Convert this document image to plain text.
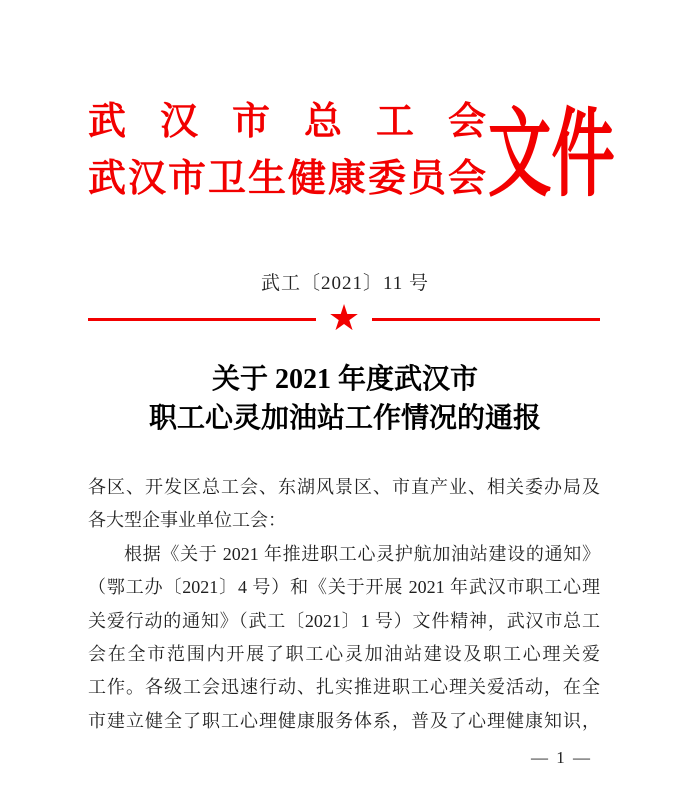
武汉市总工会
武汉市卫生健康委员会 文件
武工〔2021〕11 号
★
关于 2021 年度武汉市
职工心灵加油站工作情况的通报
各区、开发区总工会、东湖风景区、市直产业、相关委办局及
各大型企事业单位工会：
根据《关于 2021 年推进职工心灵护航加油站建设的通知》
（鄂工办〔2021〕4 号）和《关于开展 2021 年武汉市职工心理
关爱行动的通知》（武工〔2021〕1 号）文件精神，武汉市总工
会在全市范围内开展了职工心灵加油站建设及职工心理关爱
工作。各级工会迅速行动、扎实推进职工心理关爱活动，在全
市建立健全了职工心理健康服务体系，普及了心理健康知识，
— 1 —
